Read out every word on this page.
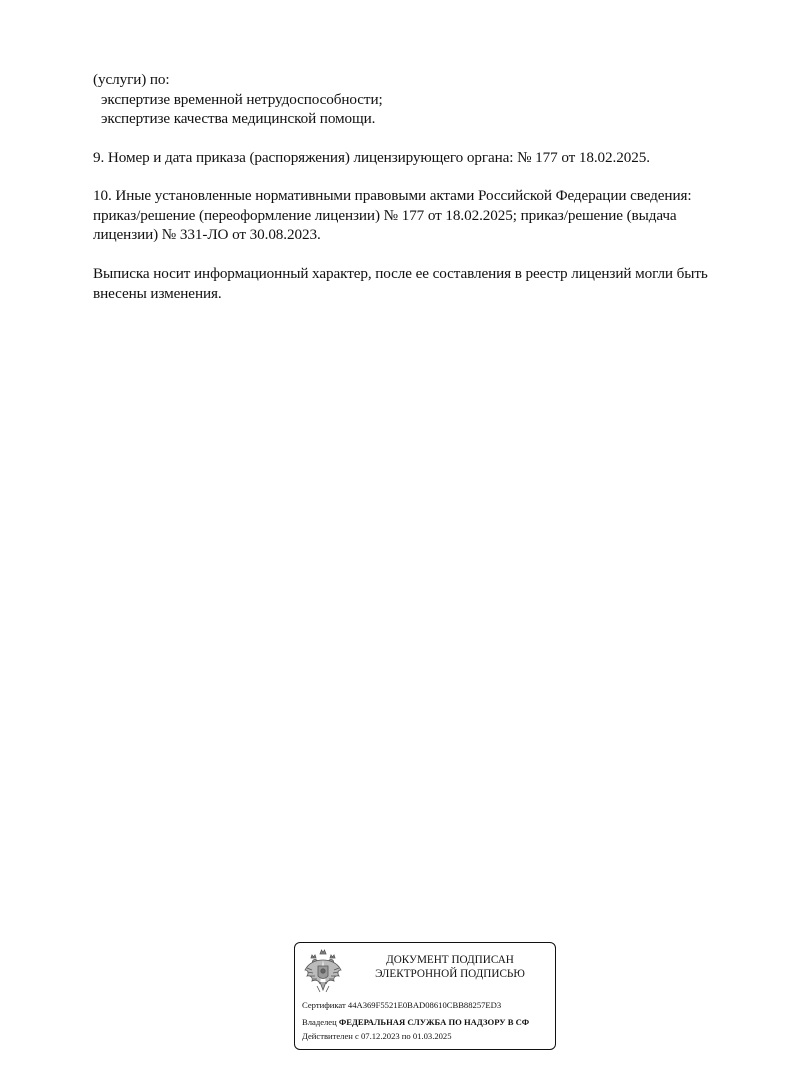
(услуги) по:
экспертизе временной нетрудоспособности;
экспертизе качества медицинской помощи.
9. Номер и дата приказа (распоряжения) лицензирующего органа: № 177 от 18.02.2025.
10. Иные установленные нормативными правовыми актами Российской Федерации сведения:
приказ/решение (переоформление лицензии) № 177 от 18.02.2025; приказ/решение (выдача
лицензии) № 331-ЛО от 30.08.2023.
Выписка носит информационный характер, после ее составления в реестр лицензий могли быть
внесены изменения.
ДОКУМЕНТ ПОДПИСАН
ЭЛЕКТРОННОЙ ПОДПИСЬЮ
Сертификат 44A369F5521E0BAD08610CBB88257ED3
Владелец ФЕДЕРАЛЬНАЯ СЛУЖБА ПО НАДЗОРУ В СФ
Действителен с 07.12.2023 по 01.03.2025
